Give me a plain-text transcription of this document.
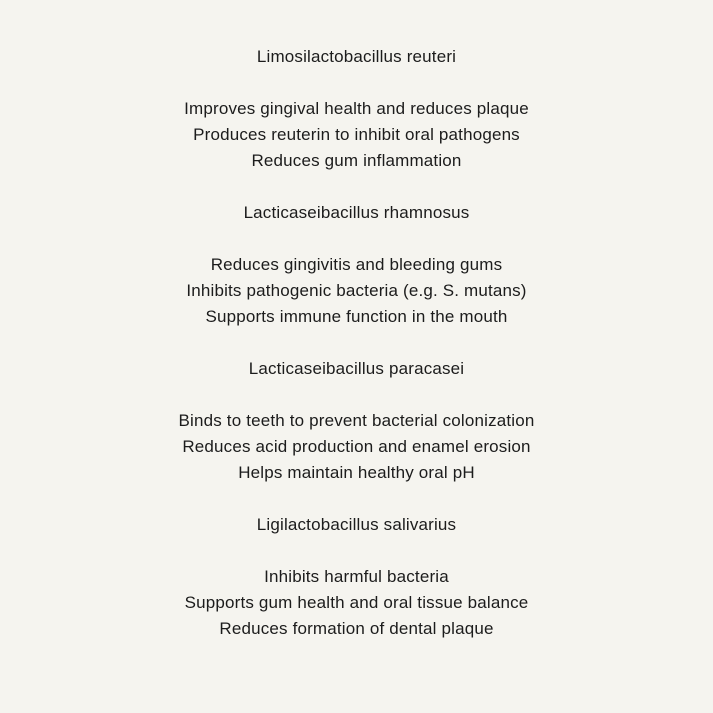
Limosilactobacillus reuteri

Improves gingival health and reduces plaque
Produces reuterin to inhibit oral pathogens
Reduces gum inflammation

Lacticaseibacillus rhamnosus

Reduces gingivitis and bleeding gums
Inhibits pathogenic bacteria (e.g. S. mutans)
Supports immune function in the mouth

Lacticaseibacillus paracasei

Binds to teeth to prevent bacterial colonization
Reduces acid production and enamel erosion
Helps maintain healthy oral pH

Ligilactobacillus salivarius

Inhibits harmful bacteria
Supports gum health and oral tissue balance
Reduces formation of dental plaque
